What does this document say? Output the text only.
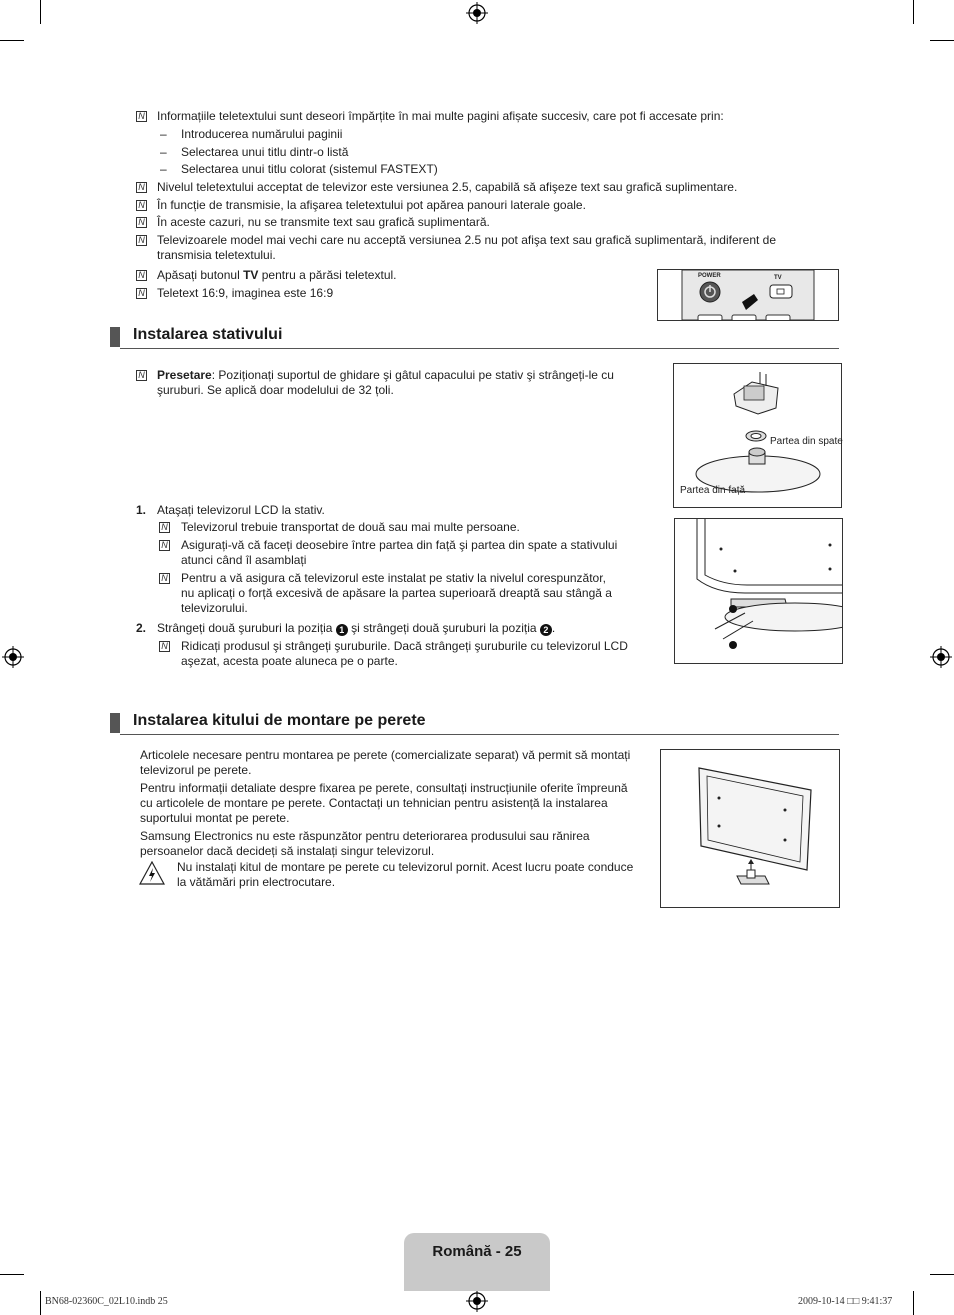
N
Informațiile teletextului sunt deseori împărțite în mai multe pagini afișate succesiv, care pot fi accesate prin:
– Introducerea numărului paginii
– Selectarea unui titlu dintr-o listă
– Selectarea unui titlu colorat (sistemul FASTEXT)
N
Nivelul teletextului acceptat de televizor este versiunea 2.5, capabilă să afişeze text sau grafică suplimentare.
N
În funcție de transmisie, la afişarea teletextului pot apărea panouri laterale goale.
N
În aceste cazuri, nu se transmite text sau grafică suplimentară.
N
Televizoarele model mai vechi care nu acceptă versiunea 2.5 nu pot afişa text sau grafică suplimentară, indiferent de
transmisia teletextului.
N
Apăsați butonul TV pentru a părăsi teletextul.
N
Teletext 16:9, imaginea este 16:9
POWER	TV
Instalarea stativului
N
Presetare: Poziționați suportul de ghidare şi gâtul capacului pe stativ şi strângeți-le cu
şuruburi. Se aplică doar modelului de 32 țoli.
Partea din spate
Partea din față
1. Ataşați televizorul LCD la stativ.
N
Televizorul trebuie transportat de două sau mai multe persoane.
N
Asigurați-vă că faceți deosebire între partea din față şi partea din spate a stativului
atunci când îl asamblați
N
Pentru a vă asigura că televizorul este instalat pe stativ la nivelul corespunzător,
nu aplicați o forță excesivă de apăsare la partea superioară dreaptă sau stângă a
televizorului.
2. Strângeți două şuruburi la poziția 1 şi strângeți două şuruburi la poziția 2 .
N
Ridicați produsul şi strângeți şuruburile. Dacă strângeți şuruburile cu televizorul LCD
aşezat, acesta poate aluneca pe o parte.
Instalarea kitului de montare pe perete
Articolele necesare pentru montarea pe perete (comercializate separat) vă permit să montați
televizorul pe perete.
Pentru informații detaliate despre fixarea pe perete, consultați instrucțiunile oferite împreună
cu articolele de montare pe perete. Contactați un tehnician pentru asistență la instalarea
suportului montat pe perete.
Samsung Electronics nu este răspunzător pentru deteriorarea produsului sau rănirea
persoanelor dacă decideți să instalați singur televizorul.
Nu instalați kitul de montare pe perete cu televizorul pornit. Acest lucru poate conduce
la vătămări prin electrocutare.
Română - 25
BN68-02360C_02L10.indb 25	2009-10-14 □□ 9:41:37
